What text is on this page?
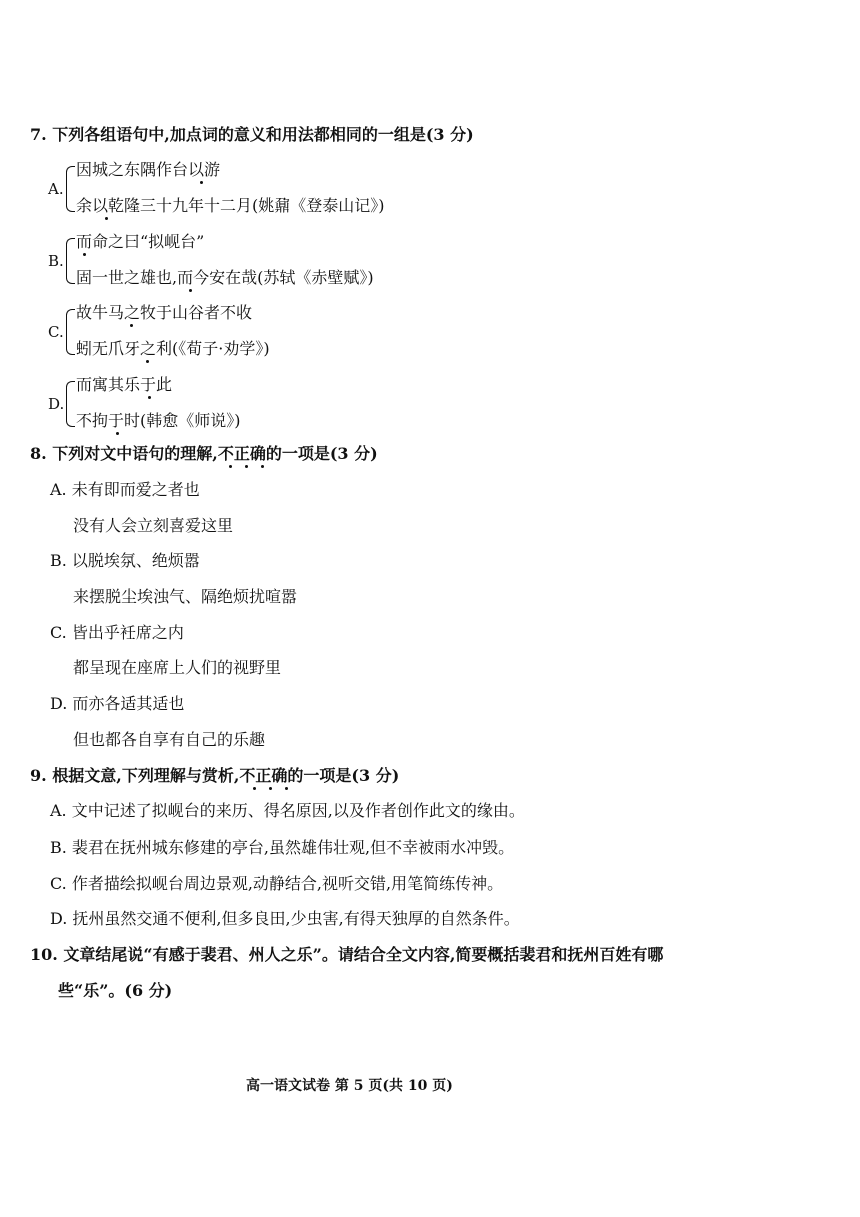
7. 下列各组语句中,加点词的意义和用法都相同的一组是(3 分)
A.
因城之东隅作台以游
余以乾隆三十九年十二月(姚鼐《登泰山记》)
B.
而命之曰“拟岘台”
固一世之雄也,而今安在哉(苏轼《赤壁赋》)
C.
故牛马之牧于山谷者不收
蚓无爪牙之利(《荀子·劝学》)
D.
而寓其乐于此
不拘于时(韩愈《师说》)
8. 下列对文中语句的理解,不正确的一项是(3 分)
A. 未有即而爱之者也
没有人会立刻喜爱这里
B. 以脱埃氛、绝烦嚣
来摆脱尘埃浊气、隔绝烦扰喧嚣
C. 皆出乎衽席之内
都呈现在座席上人们的视野里
D. 而亦各适其适也
但也都各自享有自己的乐趣
9. 根据文意,下列理解与赏析,不正确的一项是(3 分)
A. 文中记述了拟岘台的来历、得名原因,以及作者创作此文的缘由。
B. 裴君在抚州城东修建的亭台,虽然雄伟壮观,但不幸被雨水冲毁。
C. 作者描绘拟岘台周边景观,动静结合,视听交错,用笔简练传神。
D. 抚州虽然交通不便利,但多良田,少虫害,有得天独厚的自然条件。
10. 文章结尾说“有感于裴君、州人之乐”。请结合全文内容,简要概括裴君和抚州百姓有哪
些“乐”。(6 分)
高一语文试卷 第 5 页(共 10 页)
